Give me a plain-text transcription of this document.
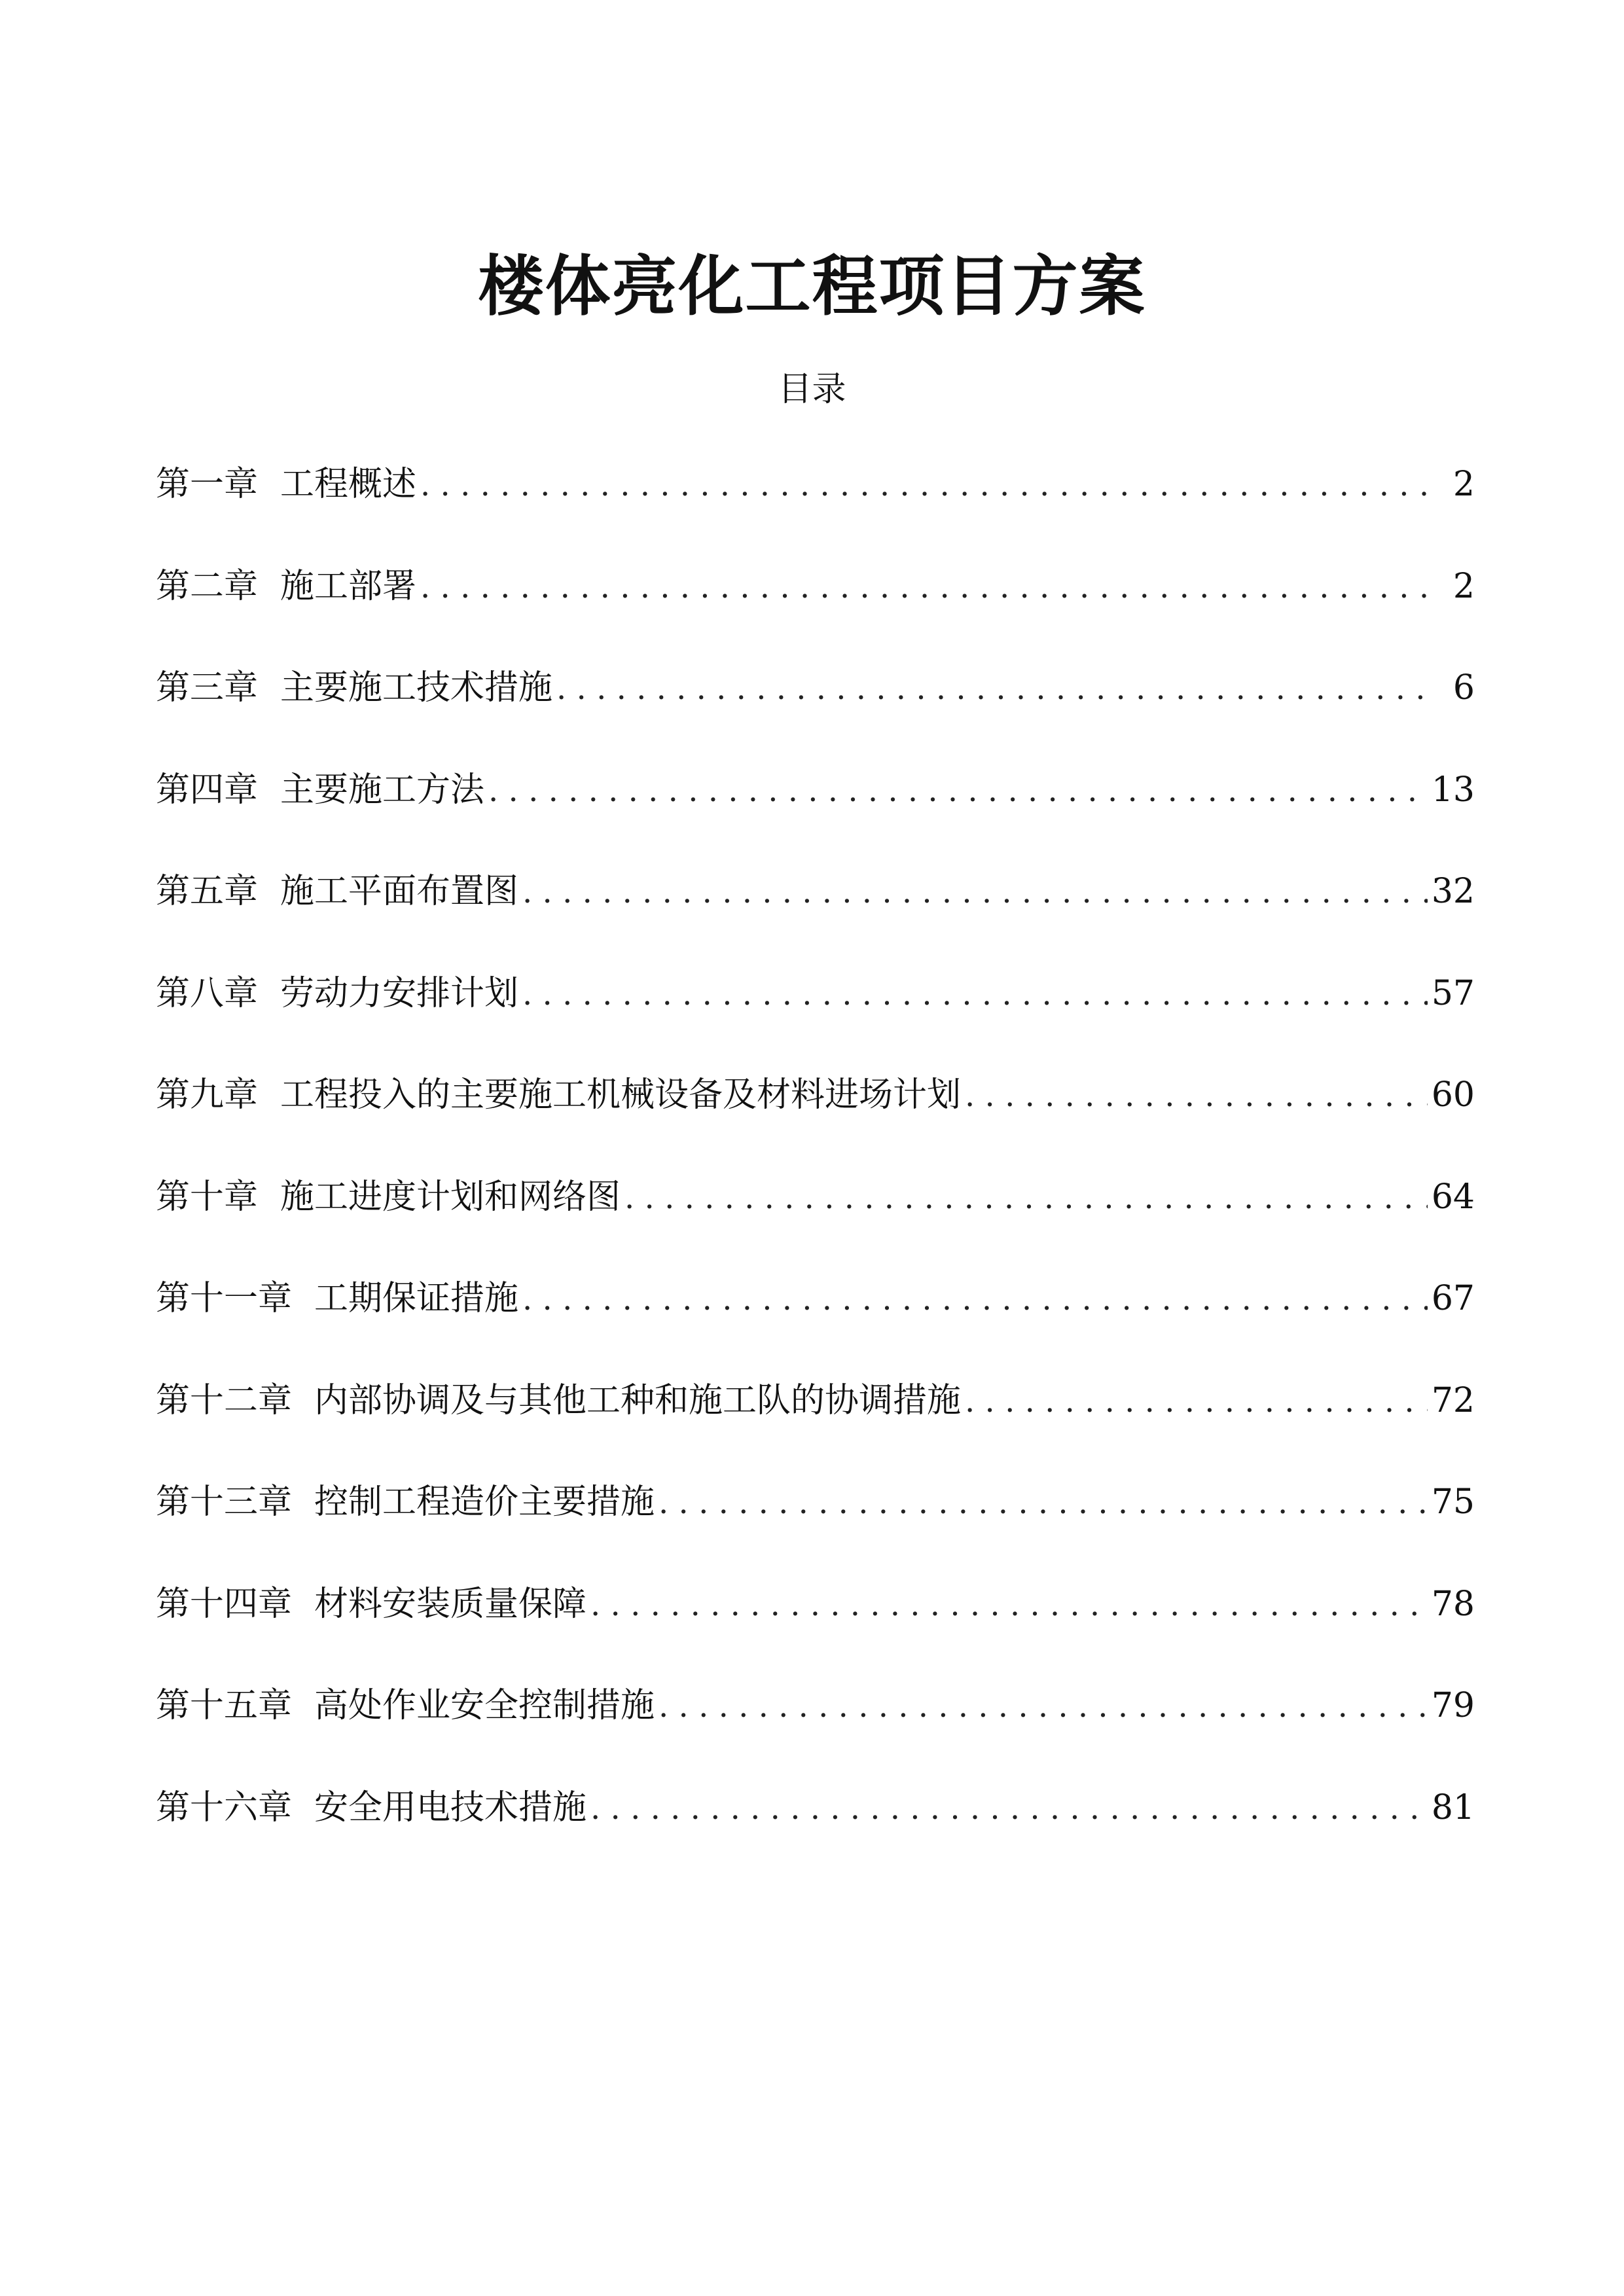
楼体亮化工程项目方案
目录
第一章 工程概述 . . .	2
第二章 施工部署 . . .	2
第三章 主要施工技术措施 . . .	6
第四章 主要施工方法 . . .	13
第五章 施工平面布置图 . . .	32
第八章 劳动力安排计划 . . .	57
第九章 工程投入的主要施工机械设备及材料进场计划 . . .	60
第十章 施工进度计划和网络图 . . .	64
第十一章 工期保证措施 . . .	67
第十二章 内部协调及与其他工种和施工队的协调措施 . . .	72
第十三章 控制工程造价主要措施 . . .	75
第十四章 材料安装质量保障 . . .	78
第十五章 高处作业安全控制措施 . . .	79
第十六章 安全用电技术措施 . . .	81
